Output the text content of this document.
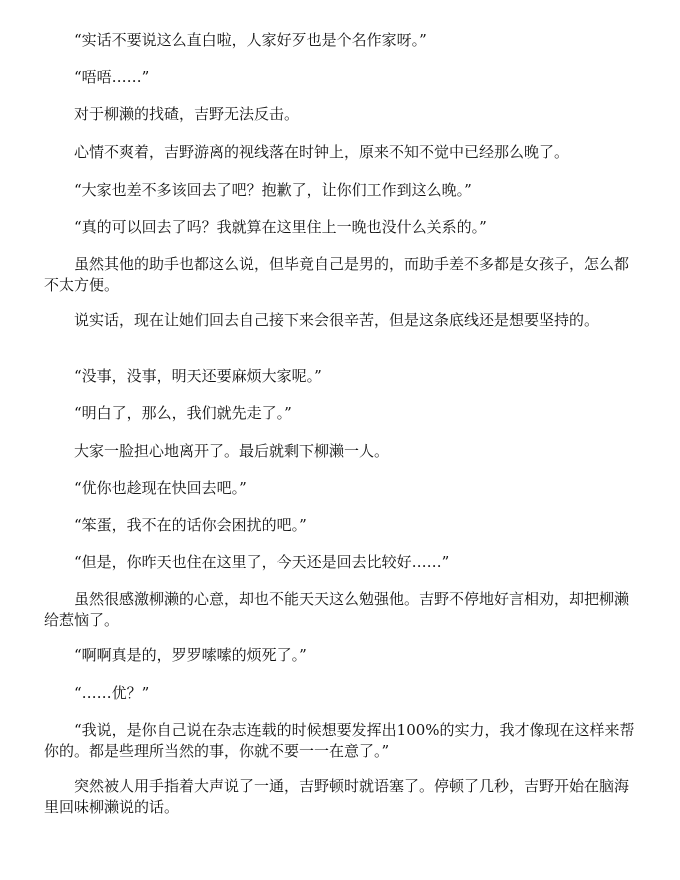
“实话不要说这么直白啦，人家好歹也是个名作家呀。”

“唔唔……”

对于柳濑的找碴，吉野无法反击。

心情不爽着，吉野游离的视线落在时钟上，原来不知不觉中已经那么晚了。

“大家也差不多该回去了吧？抱歉了，让你们工作到这么晚。”

“真的可以回去了吗？我就算在这里住上一晚也没什么关系的。”

虽然其他的助手也都这么说，但毕竟自己是男的，而助手差不多都是女孩子，怎么都不太方便。

说实话，现在让她们回去自己接下来会很辛苦，但是这条底线还是想要坚持的。

“没事，没事，明天还要麻烦大家呢。”

“明白了，那么，我们就先走了。”

大家一脸担心地离开了。最后就剩下柳濑一人。

“优你也趁现在快回去吧。”

“笨蛋，我不在的话你会困扰的吧。”

“但是，你昨天也住在这里了，今天还是回去比较好……”

虽然很感激柳濑的心意，却也不能天天这么勉强他。吉野不停地好言相劝，却把柳濑给惹恼了。

“啊啊真是的，罗罗嗦嗦的烦死了。”

“……优？”

“我说，是你自己说在杂志连载的时候想要发挥出100%的实力，我才像现在这样来帮你的。都是些理所当然的事，你就不要一一在意了。”

突然被人用手指着大声说了一通，吉野顿时就语塞了。停顿了几秒，吉野开始在脑海里回味柳濑说的话。
